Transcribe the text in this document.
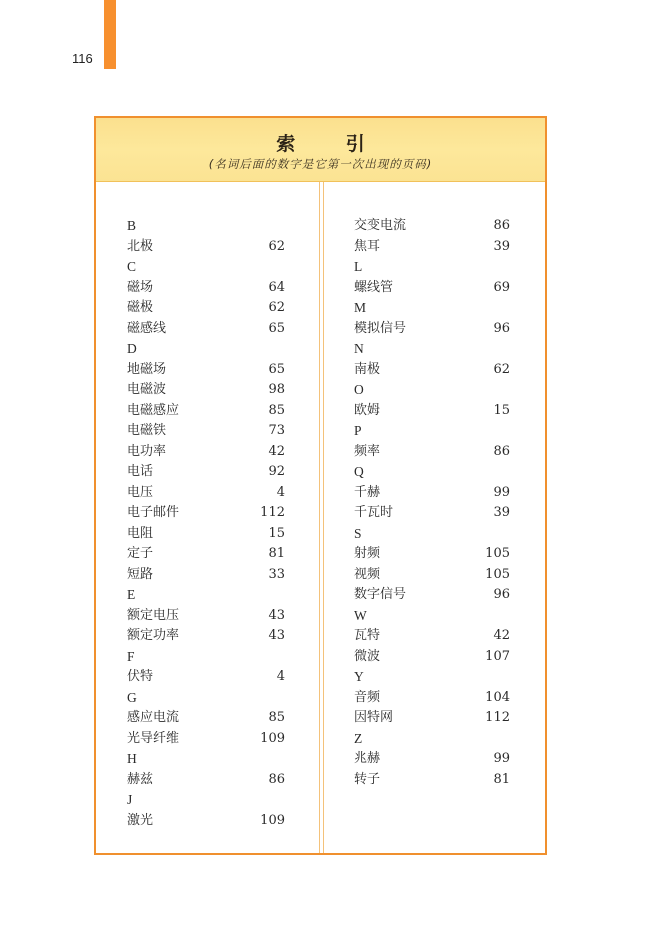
116
索 引
(名词后面的数字是它第一次出现的页码)
B
北极	62
C
磁场	64
磁极	62
磁感线	65
D
地磁场	65
电磁波	98
电磁感应	85
电磁铁	73
电功率	42
电话	92
电压	4
电子邮件	112
电阻	15
定子	81
短路	33
E
额定电压	43
额定功率	43
F
伏特	4
G
感应电流	85
光导纤维	109
H
赫兹	86
J
激光	109
交变电流	86
焦耳	39
L
螺线管	69
M
模拟信号	96
N
南极	62
O
欧姆	15
P
频率	86
Q
千赫	99
千瓦时	39
S
射频	105
视频	105
数字信号	96
W
瓦特	42
微波	107
Y
音频	104
因特网	112
Z
兆赫	99
转子	81
